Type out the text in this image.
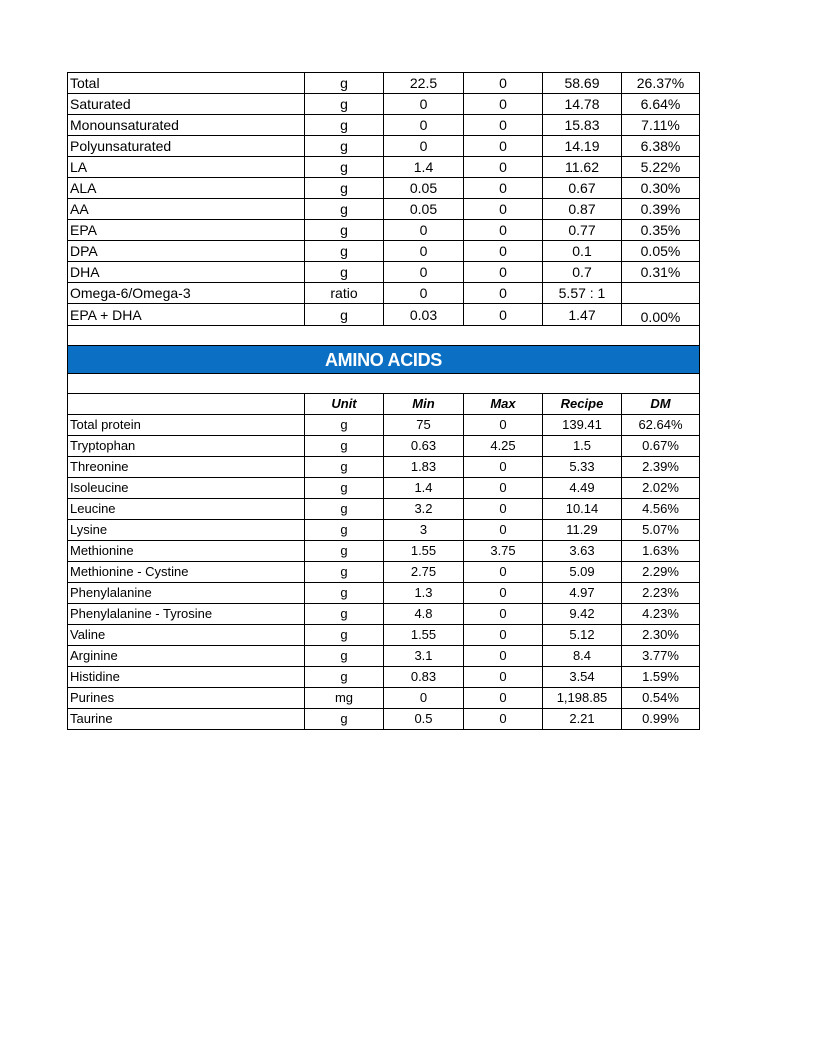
Total	g	22.5	0	58.69	26.37%
Saturated	g	0	0	14.78	6.64%
Monounsaturated	g	0	0	15.83	7.11%
Polyunsaturated	g	0	0	14.19	6.38%
LA	g	1.4	0	11.62	5.22%
ALA	g	0.05	0	0.67	0.30%
AA	g	0.05	0	0.87	0.39%
EPA	g	0	0	0.77	0.35%
DPA	g	0	0	0.1	0.05%
DHA	g	0	0	0.7	0.31%
Omega-6/Omega-3	ratio	0	0	5.57 : 1	
EPA + DHA	g	0.03	0	1.47	0.00%

AMINO ACIDS					

	Unit	Min	Max	Recipe	DM
Total protein	g	75	0	139.41	62.64%
Tryptophan	g	0.63	4.25	1.5	0.67%
Threonine	g	1.83	0	5.33	2.39%
Isoleucine	g	1.4	0	4.49	2.02%
Leucine	g	3.2	0	10.14	4.56%
Lysine	g	3	0	11.29	5.07%
Methionine	g	1.55	3.75	3.63	1.63%
Methionine - Cystine	g	2.75	0	5.09	2.29%
Phenylalanine	g	1.3	0	4.97	2.23%
Phenylalanine - Tyrosine	g	4.8	0	9.42	4.23%
Valine	g	1.55	0	5.12	2.30%
Arginine	g	3.1	0	8.4	3.77%
Histidine	g	0.83	0	3.54	1.59%
Purines	mg	0	0	1,198.85	0.54%
Taurine	g	0.5	0	2.21	0.99%
